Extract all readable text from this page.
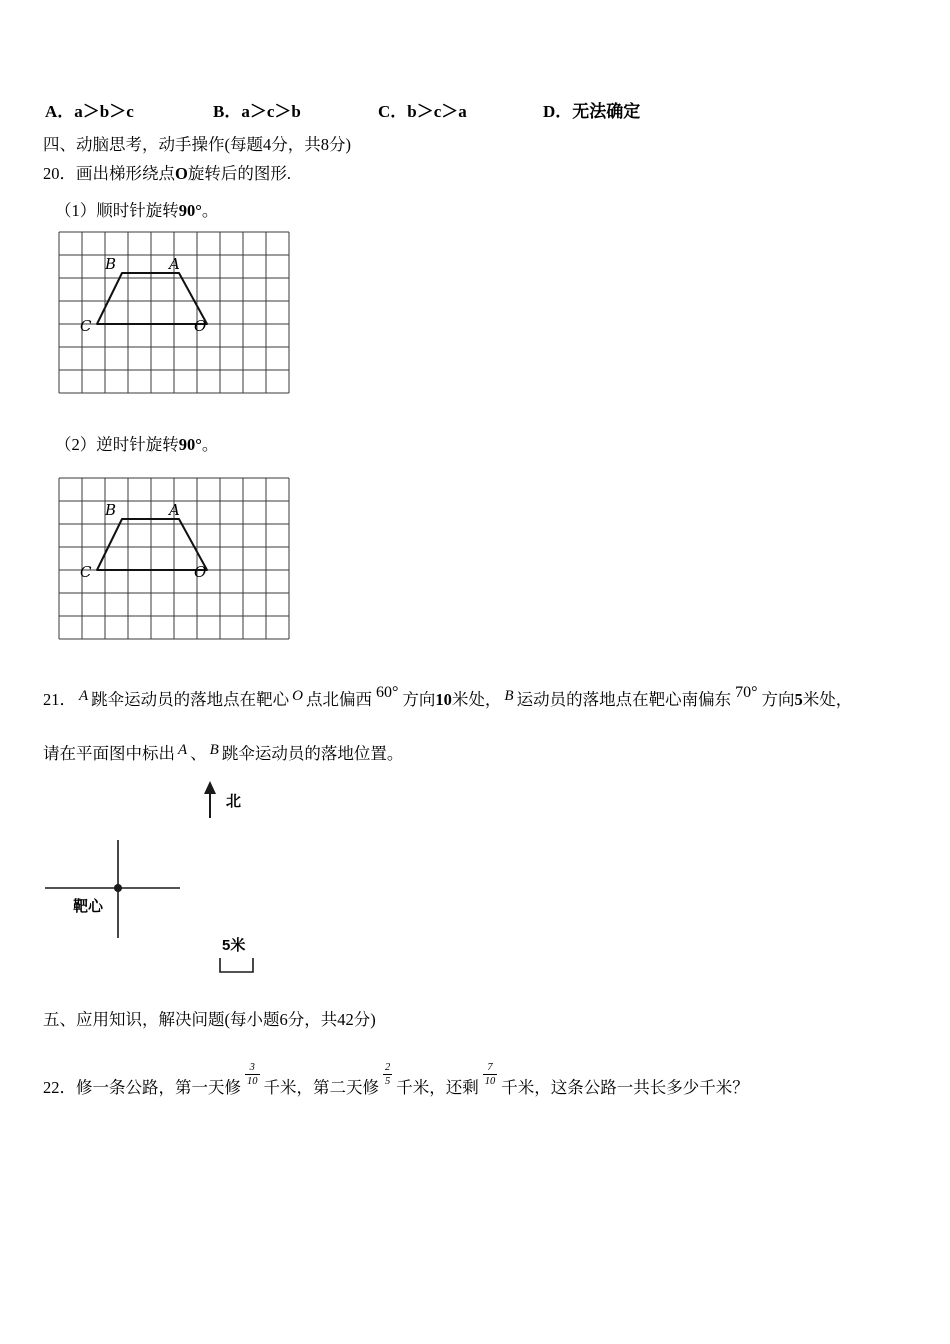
A．a＞b＞c	B．a＞c＞b	C．b＞c＞a	D．无法确定
四、动脑思考，动手操作(每题4分，共8分)
20．画出梯形绕点O旋转后的图形.
（1）顺时针旋转90°。
B	A
C	O
（2）逆时针旋转90°。
B	A
C	O
21． A 跳伞运动员的落地点在靶心 O 点北偏西 60° 方向10米处， B 运动员的落地点在靶心南偏东 70° 方向5米处，
请在平面图中标出 A 、 B 跳伞运动员的落地位置。
北
靶心
5米
五、应用知识，解决问题(每小题6分，共42分)
22．修一条公路，第一天修 $\frac{3}{10}$ 千米，第二天修 $\frac{2}{5}$ 千米，还剩 $\frac{7}{10}$ 千米，这条公路一共长多少千米？
